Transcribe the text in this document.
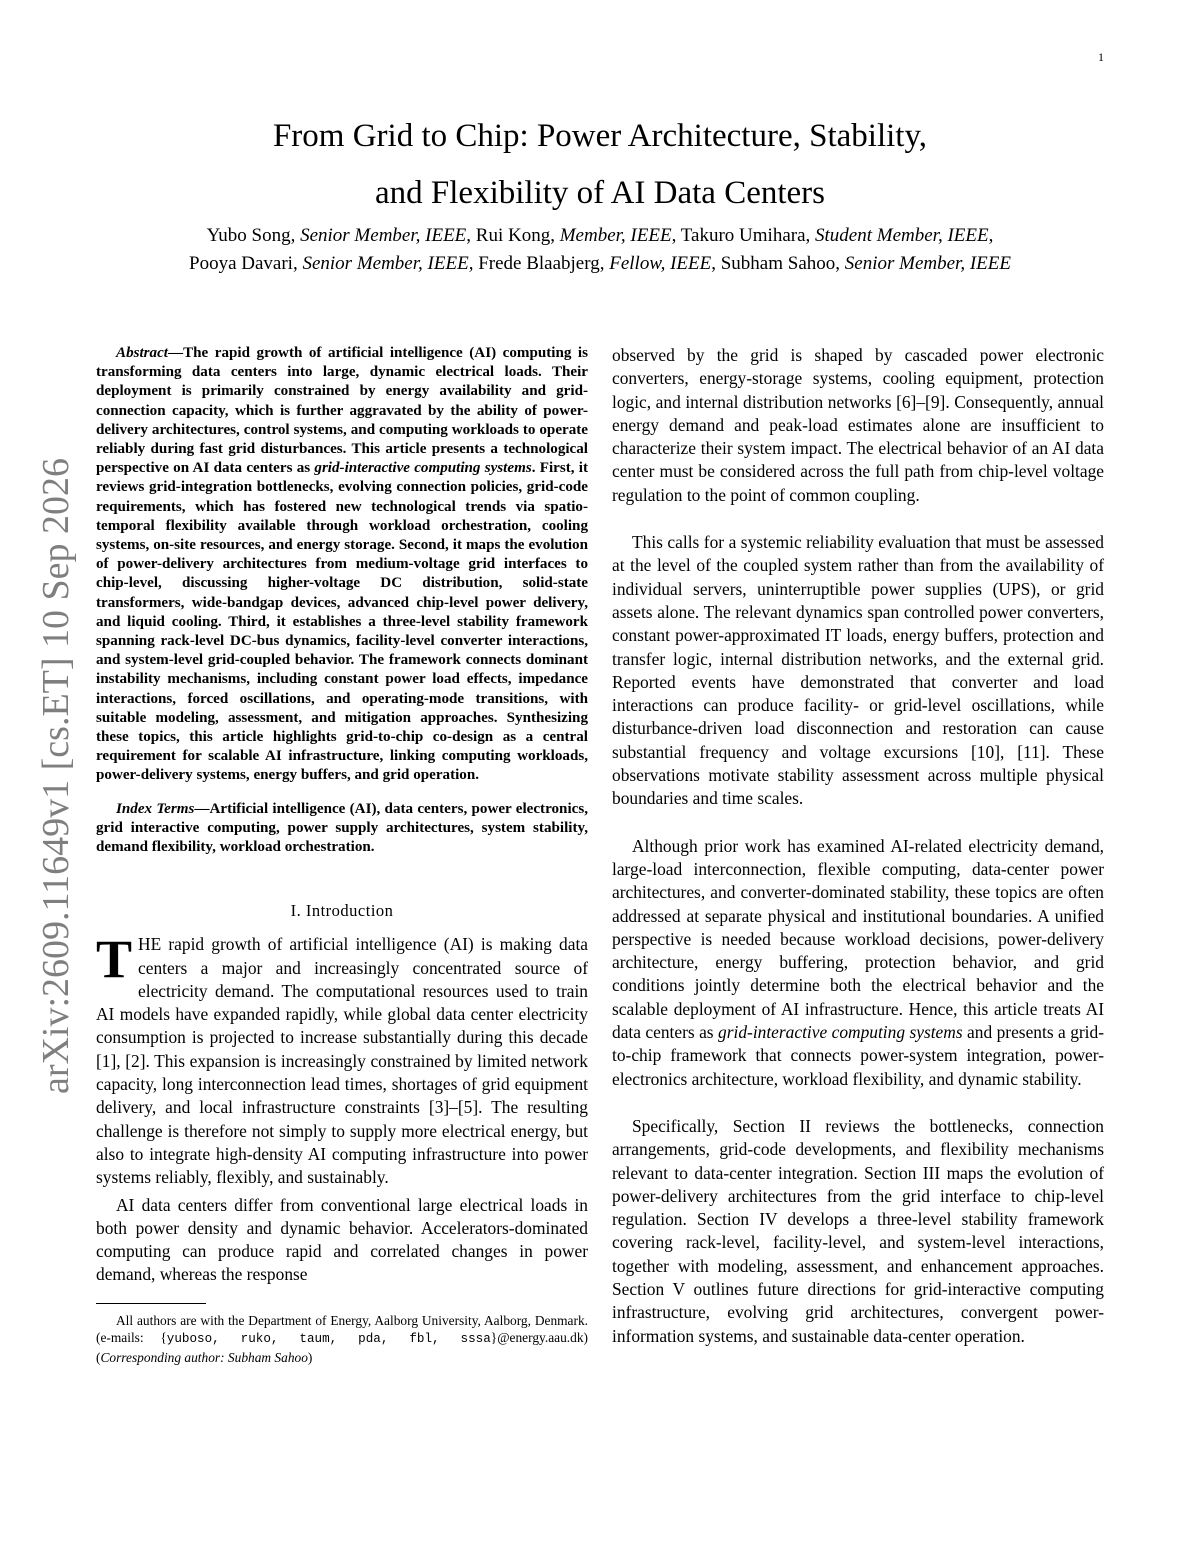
1
arXiv:2609.11649v1 [cs.ET] 10 Sep 2026
From Grid to Chip: Power Architecture, Stability,
and Flexibility of AI Data Centers
Yubo Song, Senior Member, IEEE, Rui Kong, Member, IEEE, Takuro Umihara, Student Member, IEEE,
Pooya Davari, Senior Member, IEEE, Frede Blaabjerg, Fellow, IEEE, Subham Sahoo, Senior Member, IEEE

Abstract—The rapid growth of artificial intelligence (AI) computing is transforming data centers into large, dynamic electrical loads. Their deployment is primarily constrained by energy availability and grid-connection capacity, which is further aggravated by the ability of power-delivery architectures, control systems, and computing workloads to operate reliably during fast grid disturbances. This article presents a technological perspective on AI data centers as grid-interactive computing systems. First, it reviews grid-integration bottlenecks, evolving connection policies, grid-code requirements, which has fostered new technological trends via spatio-temporal flexibility available through workload orchestration, cooling systems, on-site resources, and energy storage. Second, it maps the evolution of power-delivery architectures from medium-voltage grid interfaces to chip-level, discussing higher-voltage DC distribution, solid-state transformers, wide-bandgap devices, advanced chip-level power delivery, and liquid cooling. Third, it establishes a three-level stability framework spanning rack-level DC-bus dynamics, facility-level converter interactions, and system-level grid-coupled behavior. The framework connects dominant instability mechanisms, including constant power load effects, impedance interactions, forced oscillations, and operating-mode transitions, with suitable modeling, assessment, and mitigation approaches. Synthesizing these topics, this article highlights grid-to-chip co-design as a central requirement for scalable AI infrastructure, linking computing workloads, power-delivery systems, energy buffers, and grid operation.

Index Terms—Artificial intelligence (AI), data centers, power electronics, grid interactive computing, power supply architectures, system stability, demand flexibility, workload orchestration.

I. Introduction

THE rapid growth of artificial intelligence (AI) is making data centers a major and increasingly concentrated source of electricity demand. The computational resources used to train AI models have expanded rapidly, while global data center electricity consumption is projected to increase substantially during this decade [1], [2]. This expansion is increasingly constrained by limited network capacity, long interconnection lead times, shortages of grid equipment delivery, and local infrastructure constraints [3]–[5]. The resulting challenge is therefore not simply to supply more electrical energy, but also to integrate high-density AI computing infrastructure into power systems reliably, flexibly, and sustainably.

AI data centers differ from conventional large electrical loads in both power density and dynamic behavior. Accelerators-dominated computing can produce rapid and correlated changes in power demand, whereas the response

All authors are with the Department of Energy, Aalborg University, Aalborg, Denmark. (e-mails: {yuboso, ruko, taum, pda, fbl, sssa}@energy.aau.dk) (Corresponding author: Subham Sahoo)

observed by the grid is shaped by cascaded power electronic converters, energy-storage systems, cooling equipment, protection logic, and internal distribution networks [6]–[9]. Consequently, annual energy demand and peak-load estimates alone are insufficient to characterize their system impact. The electrical behavior of an AI data center must be considered across the full path from chip-level voltage regulation to the point of common coupling.

This calls for a systemic reliability evaluation that must be assessed at the level of the coupled system rather than from the availability of individual servers, uninterruptible power supplies (UPS), or grid assets alone. The relevant dynamics span controlled power converters, constant power-approximated IT loads, energy buffers, protection and transfer logic, internal distribution networks, and the external grid. Reported events have demonstrated that converter and load interactions can produce facility- or grid-level oscillations, while disturbance-driven load disconnection and restoration can cause substantial frequency and voltage excursions [10], [11]. These observations motivate stability assessment across multiple physical boundaries and time scales.

Although prior work has examined AI-related electricity demand, large-load interconnection, flexible computing, data-center power architectures, and converter-dominated stability, these topics are often addressed at separate physical and institutional boundaries. A unified perspective is needed because workload decisions, power-delivery architecture, energy buffering, protection behavior, and grid conditions jointly determine both the electrical behavior and the scalable deployment of AI infrastructure. Hence, this article treats AI data centers as grid-interactive computing systems and presents a grid-to-chip framework that connects power-system integration, power-electronics architecture, workload flexibility, and dynamic stability.

Specifically, Section II reviews the bottlenecks, connection arrangements, grid-code developments, and flexibility mechanisms relevant to data-center integration. Section III maps the evolution of power-delivery architectures from the grid interface to chip-level regulation. Section IV develops a three-level stability framework covering rack-level, facility-level, and system-level interactions, together with modeling, assessment, and enhancement approaches. Section V outlines future directions for grid-interactive computing infrastructure, evolving grid architectures, convergent power-information systems, and sustainable data-center operation.
